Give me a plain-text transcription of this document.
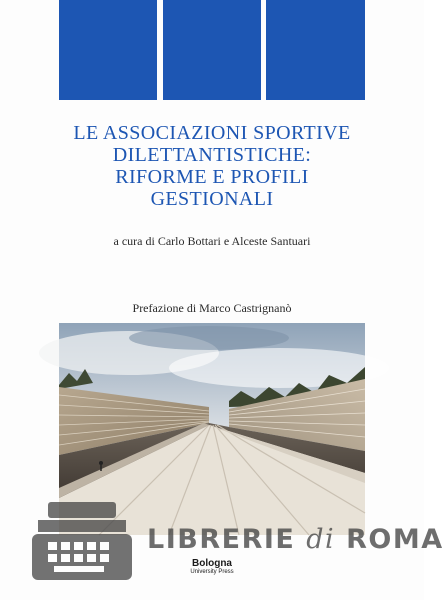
LE ASSOCIAZIONI SPORTIVE
DILETTANTISTICHE:
RIFORME E PROFILI
GESTIONALI
a cura di Carlo Bottari e Alceste Santuari
Prefazione di Marco Castrignanò
LIBRERIE di ROMA
Bologna
University Press
